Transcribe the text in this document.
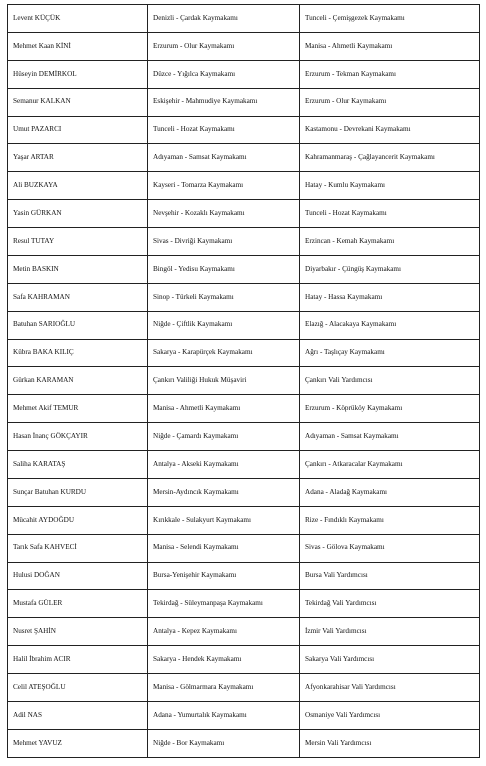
Levent KÜÇÜK	Denizli - Çardak Kaymakamı	Tunceli - Çemişgezek Kaymakamı
Mehmet Kaan KİNİ	Erzurum - Olur Kaymakamı	Manisa - Ahmetli Kaymakamı
Hüseyin DEMİRKOL	Düzce - Yığılca Kaymakamı	Erzurum - Tekman Kaymakamı
Semanur KALKAN	Eskişehir - Mahmudiye Kaymakamı	Erzurum - Olur Kaymakamı
Umut PAZARCI	Tunceli - Hozat Kaymakamı	Kastamonu - Devrekani Kaymakamı
Yaşar ARTAR	Adıyaman - Samsat Kaymakamı	Kahramanmaraş - Çağlayancerit Kaymakamı
Ali BUZKAYA	Kayseri - Tomarza Kaymakamı	Hatay - Kumlu Kaymakamı
Yasin GÜRKAN	Nevşehir - Kozaklı Kaymakamı	Tunceli - Hozat Kaymakamı
Resul TUTAY	Sivas - Divriği Kaymakamı	Erzincan - Kemah Kaymakamı
Metin BASKIN	Bingöl - Yedisu Kaymakamı	Diyarbakır - Çüngüş Kaymakamı
Safa KAHRAMAN	Sinop - Türkeli Kaymakamı	Hatay - Hassa Kaymakamı
Batuhan SARIOĞLU	Niğde - Çiftlik Kaymakamı	Elazığ - Alacakaya Kaymakamı
Kübra BAKA KILIÇ	Sakarya - Karapürçek Kaymakamı	Ağrı - Taşlıçay Kaymakamı
Gürkan KARAMAN	Çankırı Valiliği Hukuk Müşaviri	Çankırı Vali Yardımcısı
Mehmet Akif TEMUR	Manisa - Ahmetli Kaymakamı	Erzurum - Köprüköy Kaymakamı
Hasan İnanç GÖKÇAYIR	Niğde - Çamardı Kaymakamı	Adıyaman - Samsat Kaymakamı
Saliha KARATAŞ	Antalya - Akseki Kaymakamı	Çankırı - Atkaracalar Kaymakamı
Sunçar Batuhan KURDU	Mersin-Aydıncık Kaymakamı	Adana - Aladağ Kaymakamı
Mücahit AYDOĞDU	Kırıkkale - Sulakyurt Kaymakamı	Rize - Fındıklı Kaymakamı
Tarık Safa KAHVECİ	Manisa - Selendi Kaymakamı	Sivas - Gölova Kaymakamı
Hulusi DOĞAN	Bursa-Yenişehir Kaymakamı	Bursa Vali Yardımcısı
Mustafa GÜLER	Tekirdağ - Süleymanpaşa Kaymakamı	Tekirdağ Vali Yardımcısı
Nusret ŞAHİN	Antalya - Kepez Kaymakamı	İzmir Vali Yardımcısı
Halil İbrahim ACIR	Sakarya - Hendek Kaymakamı	Sakarya Vali Yardımcısı
Celil ATEŞOĞLU	Manisa - Gölmarmara Kaymakamı	Afyonkarahisar Vali Yardımcısı
Adil NAS	Adana - Yumurtalık Kaymakamı	Osmaniye Vali Yardımcısı
Mehmet YAVUZ	Niğde - Bor Kaymakamı	Mersin Vali Yardımcısı
